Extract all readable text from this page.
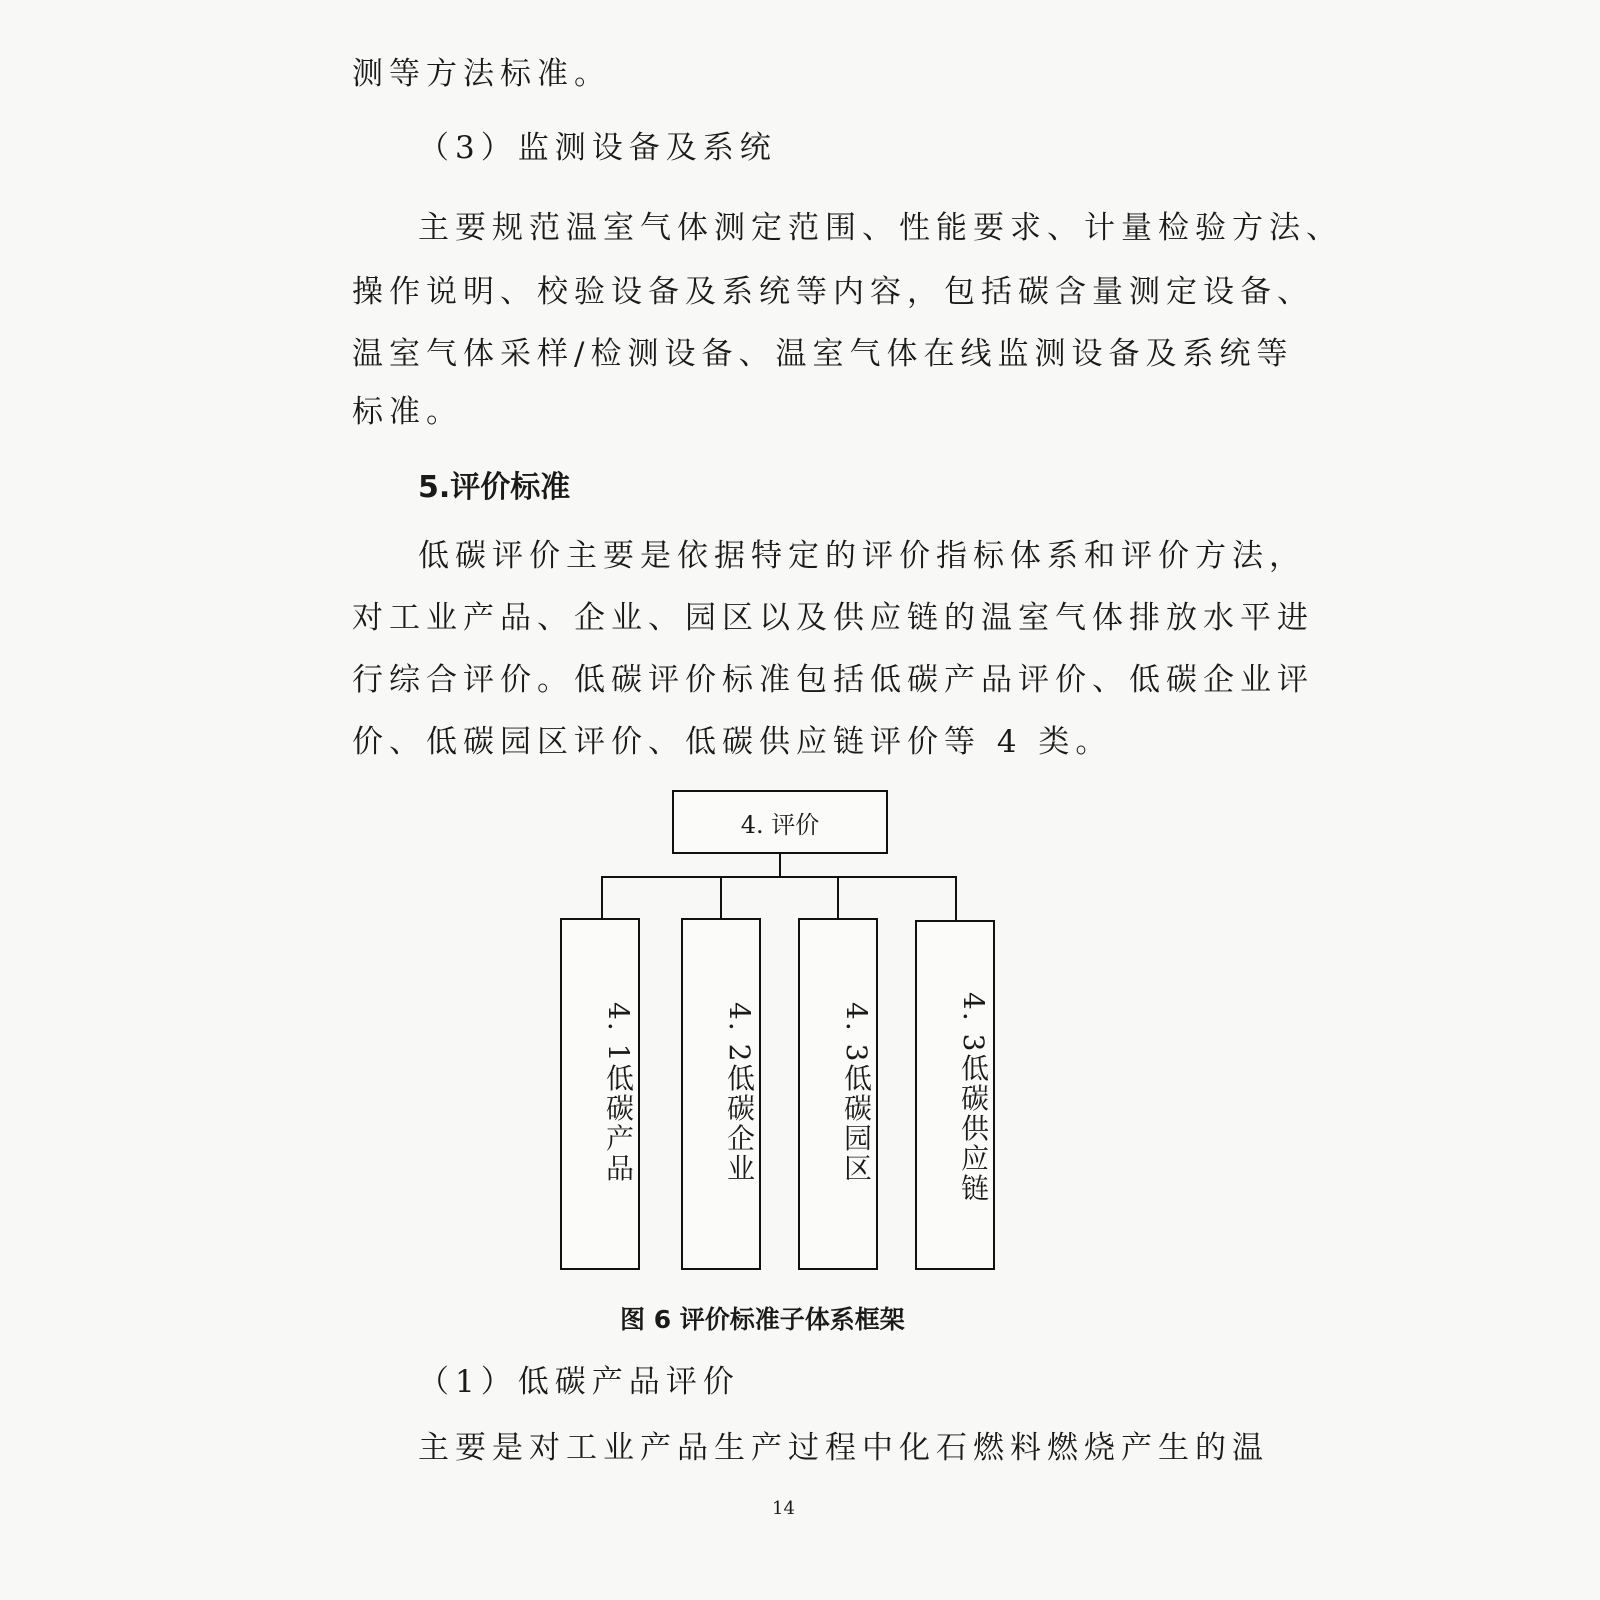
测等方法标准。
（3）监测设备及系统
主要规范温室气体测定范围、性能要求、计量检验方法、
操作说明、校验设备及系统等内容，包括碳含量测定设备、
温室气体采样/检测设备、温室气体在线监测设备及系统等
标准。
5.评价标准
低碳评价主要是依据特定的评价指标体系和评价方法，
对工业产品、企业、园区以及供应链的温室气体排放水平进
行综合评价。低碳评价标准包括低碳产品评价、低碳企业评
价、低碳园区评价、低碳供应链评价等 4 类。
4. 评价
4. 1低碳产品	4. 2低碳企业	4. 3低碳园区	4. 3低碳供应链
图 6 评价标准子体系框架
（1）低碳产品评价
主要是对工业产品生产过程中化石燃料燃烧产生的温
14
